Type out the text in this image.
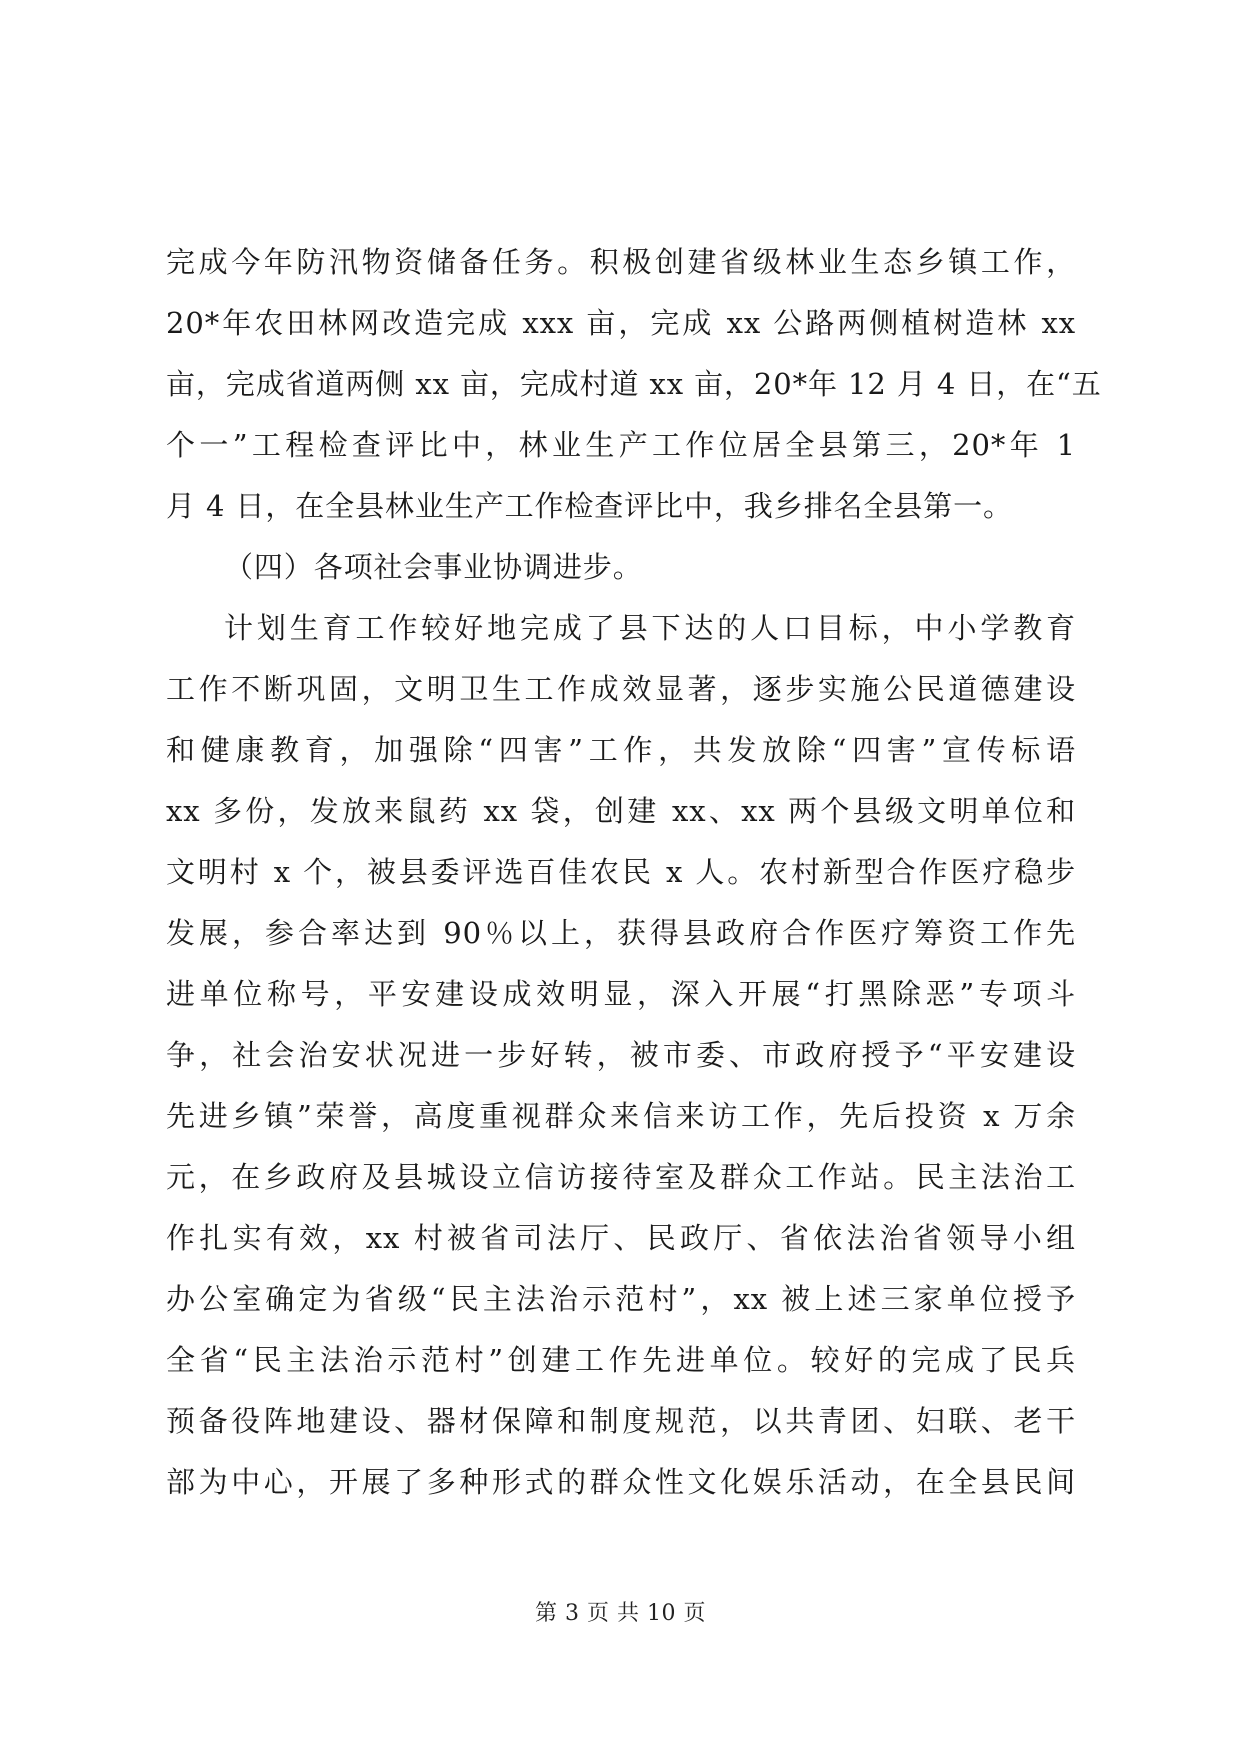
完成今年防汛物资储备任务。积极创建省级林业生态乡镇工作，
20*年农田林网改造完成 xxx 亩，完成 xx 公路两侧植树造林 xx
亩，完成省道两侧 xx 亩，完成村道 xx 亩，20*年 12 月 4 日，在“五
个一”工程检查评比中，林业生产工作位居全县第三，20*年 1
月 4 日，在全县林业生产工作检查评比中，我乡排名全县第一。
（四）各项社会事业协调进步。
计划生育工作较好地完成了县下达的人口目标，中小学教育
工作不断巩固，文明卫生工作成效显著，逐步实施公民道德建设
和健康教育，加强除“四害”工作，共发放除“四害”宣传标语
xx 多份，发放来鼠药 xx 袋，创建 xx、xx 两个县级文明单位和
文明村 x 个，被县委评选百佳农民 x 人。农村新型合作医疗稳步
发展，参合率达到 90％以上，获得县政府合作医疗筹资工作先
进单位称号，平安建设成效明显，深入开展“打黑除恶”专项斗
争，社会治安状况进一步好转，被市委、市政府授予“平安建设
先进乡镇”荣誉，高度重视群众来信来访工作，先后投资 x 万余
元，在乡政府及县城设立信访接待室及群众工作站。民主法治工
作扎实有效，xx 村被省司法厅、民政厅、省依法治省领导小组
办公室确定为省级“民主法治示范村”，xx 被上述三家单位授予
全省“民主法治示范村”创建工作先进单位。较好的完成了民兵
预备役阵地建设、器材保障和制度规范，以共青团、妇联、老干
部为中心，开展了多种形式的群众性文化娱乐活动，在全县民间
第 3 页 共 10 页
